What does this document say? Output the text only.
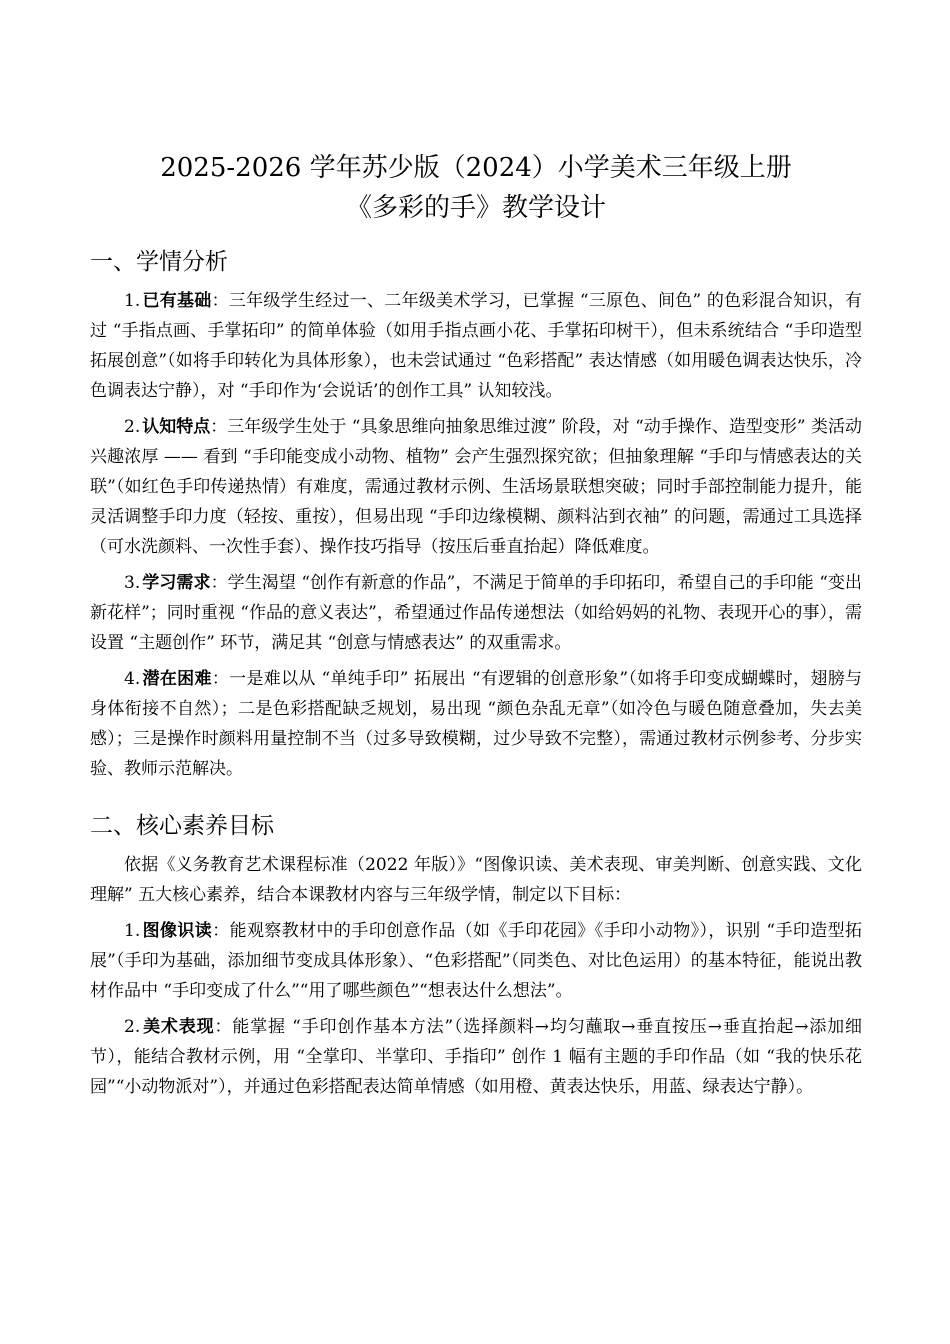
2025-2026 学年苏少版（2024）小学美术三年级上册
《多彩的手》教学设计
一、学情分析

1. 已有基础：三年级学生经过一、二年级美术学习，已掌握 “三原色、间色” 的色彩混合知识，有过 “手指点画、手掌拓印” 的简单体验（如用手指点画小花、手掌拓印树干），但未系统结合 “手印造型拓展创意”（如将手印转化为具体形象），也未尝试通过 “色彩搭配” 表达情感（如用暖色调表达快乐，冷色调表达宁静），对 “手印作为‘会说话’的创作工具” 认知较浅。

2. 认知特点：三年级学生处于 “具象思维向抽象思维过渡” 阶段，对 “动手操作、造型变形” 类活动兴趣浓厚 —— 看到 “手印能变成小动物、植物” 会产生强烈探究欲；但抽象理解 “手印与情感表达的关联”（如红色手印传递热情）有难度，需通过教材示例、生活场景联想突破；同时手部控制能力提升，能灵活调整手印力度（轻按、重按），但易出现 “手印边缘模糊、颜料沾到衣袖” 的问题，需通过工具选择（可水洗颜料、一次性手套）、操作技巧指导（按压后垂直抬起）降低难度。

3. 学习需求：学生渴望 “创作有新意的作品”，不满足于简单的手印拓印，希望自己的手印能 “变出新花样”；同时重视 “作品的意义表达”，希望通过作品传递想法（如给妈妈的礼物、表现开心的事），需设置 “主题创作” 环节，满足其 “创意与情感表达” 的双重需求。

4. 潜在困难：一是难以从 “单纯手印” 拓展出 “有逻辑的创意形象”（如将手印变成蝴蝶时，翅膀与身体衔接不自然）；二是色彩搭配缺乏规划，易出现 “颜色杂乱无章”（如冷色与暖色随意叠加，失去美感）；三是操作时颜料用量控制不当（过多导致模糊，过少导致不完整），需通过教材示例参考、分步实验、教师示范解决。

二、核心素养目标

依据《义务教育艺术课程标准（2022 年版）》“图像识读、美术表现、审美判断、创意实践、文化理解” 五大核心素养，结合本课教材内容与三年级学情，制定以下目标：

1. 图像识读：能观察教材中的手印创意作品（如《手印花园》《手印小动物》），识别 “手印造型拓展”（手印为基础，添加细节变成具体形象）、“色彩搭配”（同类色、对比色运用）的基本特征，能说出教材作品中 “手印变成了什么”“用了哪些颜色”“想表达什么想法”。

2. 美术表现：能掌握 “手印创作基本方法”（选择颜料→均匀蘸取→垂直按压→垂直抬起→添加细节），能结合教材示例，用 “全掌印、半掌印、手指印” 创作 1 幅有主题的手印作品（如 “我的快乐花园”“小动物派对”），并通过色彩搭配表达简单情感（如用橙、黄表达快乐，用蓝、绿表达宁静）。
